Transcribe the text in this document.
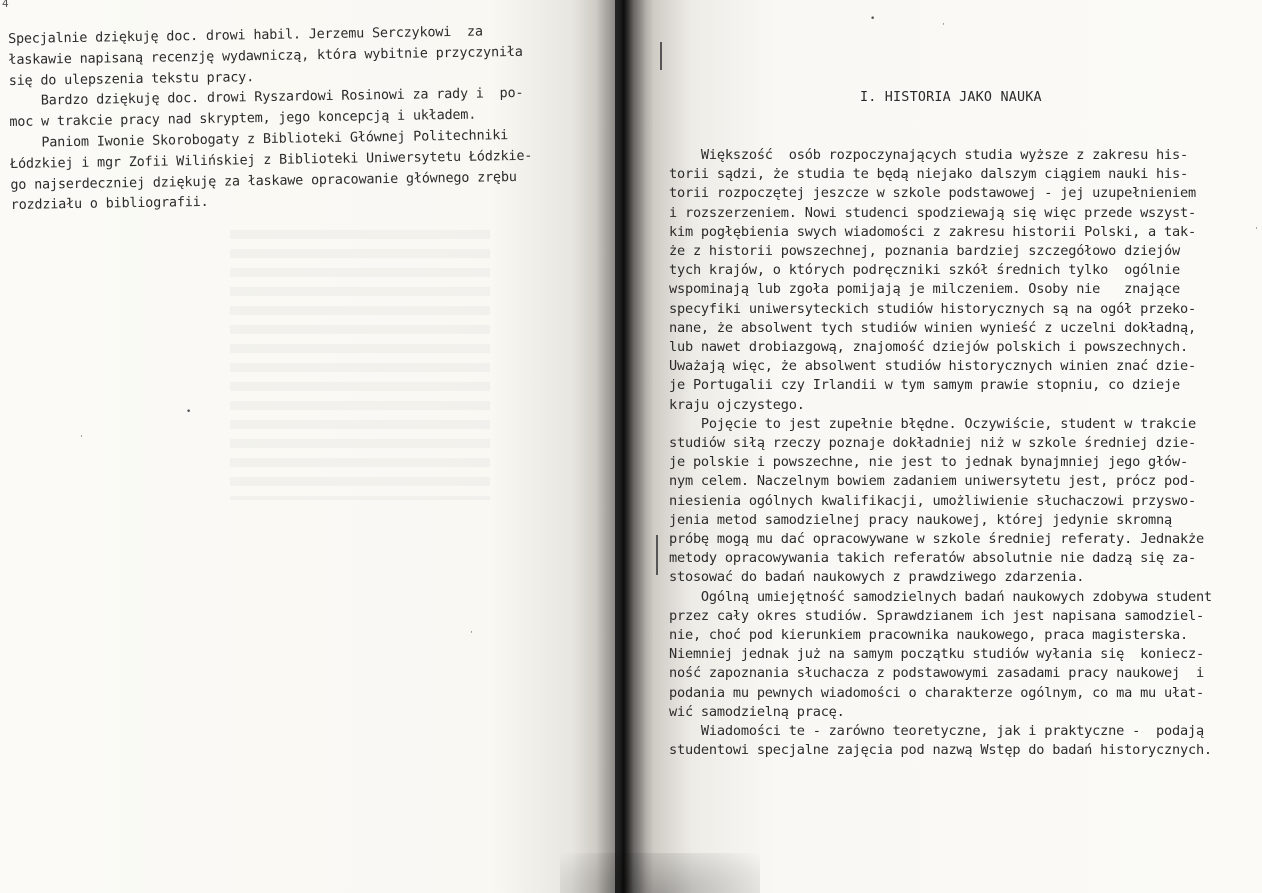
4
Specjalnie dziękuję doc. drowi habil. Jerzemu Serczykowi  za
łaskawie napisaną recenzję wydawniczą, która wybitnie przyczyniła
się do ulepszenia tekstu pracy.
Bardzo dziękuję doc. drowi Ryszardowi Rosinowi za rady i  po-
moc w trakcie pracy nad skryptem, jego koncepcją i układem.
Paniom Iwonie Skorobogaty z Biblioteki Głównej Politechniki
Łódzkiej i mgr Zofii Wilińskiej z Biblioteki Uniwersytetu Łódzkie-
go najserdeczniej dziękuję za łaskawe opracowanie głównego zrębu
rozdziału o bibliografii.
•
·
·
I. HISTORIA JAKO NAUKA
Większość  osób rozpoczynających studia wyższe z zakresu his-
torii sądzi, że studia te będą niejako dalszym ciągiem nauki his-
torii rozpoczętej jeszcze w szkole podstawowej - jej uzupełnieniem
i rozszerzeniem. Nowi studenci spodziewają się więc przede wszyst-
kim pogłębienia swych wiadomości z zakresu historii Polski, a tak-
że z historii powszechnej, poznania bardziej szczegółowo dziejów
tych krajów, o których podręczniki szkół średnich tylko  ogólnie
wspominają lub zgoła pomijają je milczeniem. Osoby nie   znające
specyfiki uniwersyteckich studiów historycznych są na ogół przeko-
nane, że absolwent tych studiów winien wynieść z uczelni dokładną,
lub nawet drobiazgową, znajomość dziejów polskich i powszechnych.
Uważają więc, że absolwent studiów historycznych winien znać dzie-
je Portugalii czy Irlandii w tym samym prawie stopniu, co dzieje
kraju ojczystego.
Pojęcie to jest zupełnie błędne. Oczywiście, student w trakcie
studiów siłą rzeczy poznaje dokładniej niż w szkole średniej dzie-
je polskie i powszechne, nie jest to jednak bynajmniej jego głów-
nym celem. Naczelnym bowiem zadaniem uniwersytetu jest, prócz pod-
niesienia ogólnych kwalifikacji, umożliwienie słuchaczowi przyswo-
jenia metod samodzielnej pracy naukowej, której jedynie skromną
próbę mogą mu dać opracowywane w szkole średniej referaty. Jednakże
metody opracowywania takich referatów absolutnie nie dadzą się za-
stosować do badań naukowych z prawdziwego zdarzenia.
Ogólną umiejętność samodzielnych badań naukowych zdobywa student
przez cały okres studiów. Sprawdzianem ich jest napisana samodziel-
nie, choć pod kierunkiem pracownika naukowego, praca magisterska.
Niemniej jednak już na samym początku studiów wyłania się  koniecz-
ność zapoznania słuchacza z podstawowymi zasadami pracy naukowej  i
podania mu pewnych wiadomości o charakterze ogólnym, co ma mu ułat-
wić samodzielną pracę.
Wiadomości te - zarówno teoretyczne, jak i praktyczne -  podają
studentowi specjalne zajęcia pod nazwą Wstęp do badań historycznych.
•
·
·
